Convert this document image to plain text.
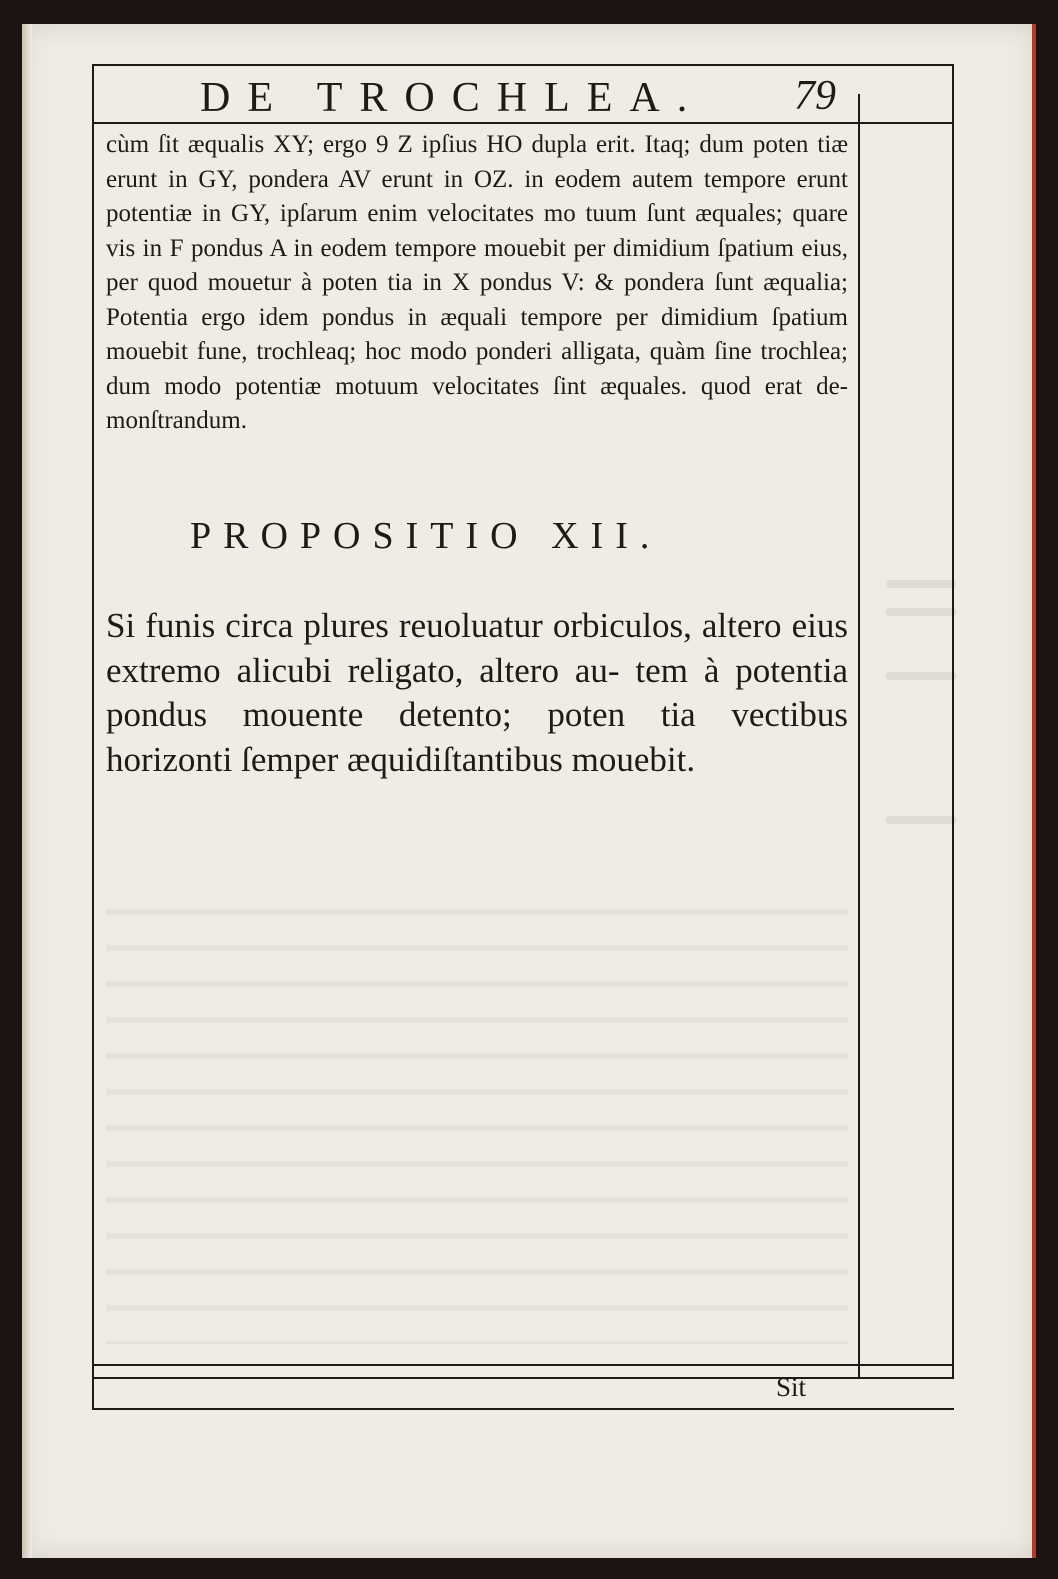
DE TROCHLEA.	79

cùm ſit æqualis XY; ergo 9 Z ipſius HO dupla erit. Itaq; dum poten tiæ erunt in GY, pondera AV erunt in OZ. in eodem autem tempore erunt potentiæ in GY, ipſarum enim velocitates mo tuum ſunt æquales; quare vis in F pondus A in eodem tempore mouebit per dimidium ſpatium eius, per quod mouetur à poten tia in X pondus V: & pondera ſunt æqualia; Potentia ergo idem pondus in æquali tempore per dimidium ſpatium mouebit fune, trochleaq; hoc modo ponderi alligata, quàm ſine trochlea; dum modo potentiæ motuum velocitates ſint æquales. quod erat de- monſtrandum.

PROPOSITIO XII.

Si funis circa plures reuoluatur orbiculos, altero eius extremo alicubi religato, altero au- tem à potentia pondus mouente detento; poten tia vectibus horizonti ſemper æquidiſtantibus mouebit.

Sit
